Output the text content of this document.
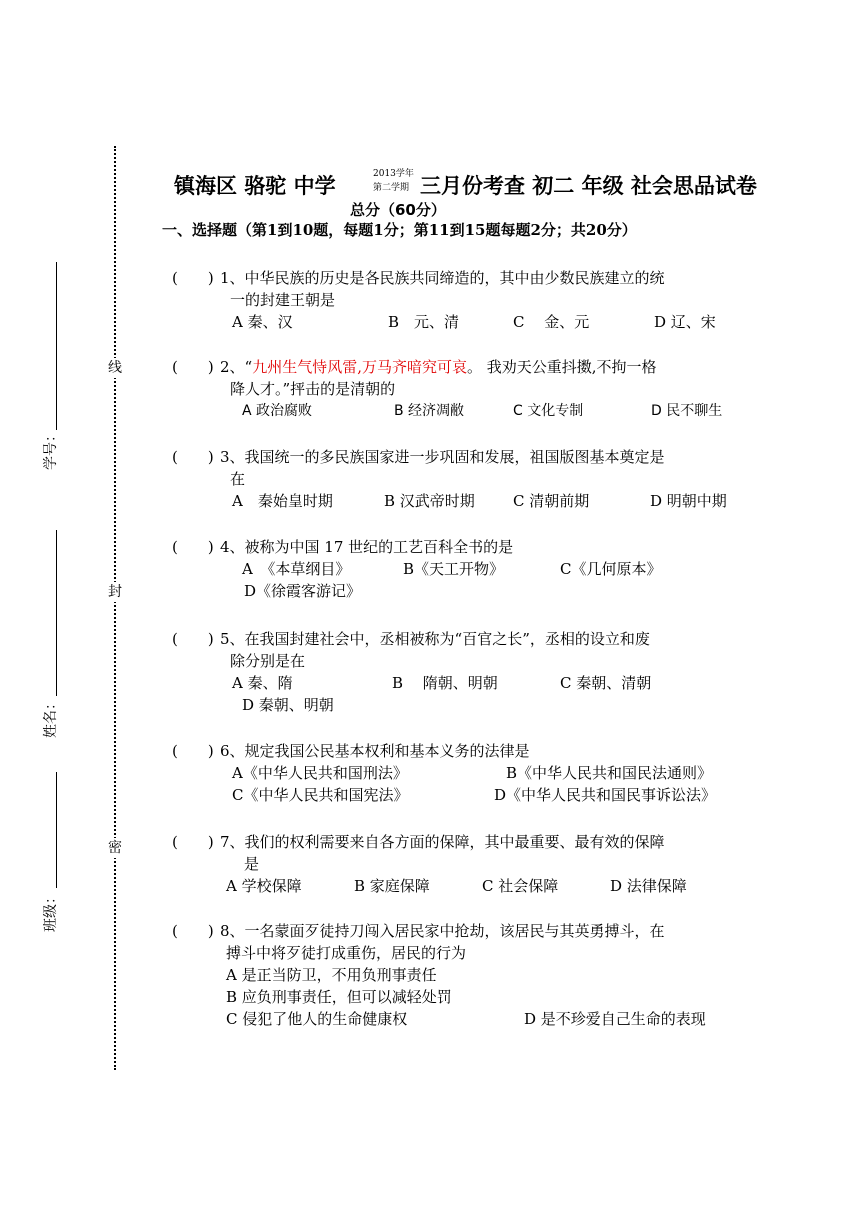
线
封
密
学号：
姓名：
班级：
镇海区 骆驼 中学	2013学年
第二学期 三月份考查 初二 年级 社会思品试卷
总分（60分）
一、选择题（第1到10题，每题1分；第11到15题每题2分；共20分）
(　　) 1、中华民族的历史是各民族共同缔造的，其中由少数民族建立的统
一的封建王朝是
A 秦、汉	B　元、清	C　 金、元	D 辽、宋
(　　) 2、“九州生气恃风雷,万马齐喑究可哀。 我劝天公重抖擞,不拘一格
降人才。”抨击的是清朝的
A 政治腐败	B 经济凋敝	C 文化专制	D 民不聊生
(　　) 3、我国统一的多民族国家进一步巩固和发展，祖国版图基本奠定是
在
A　秦始皇时期	B 汉武帝时期	C 清朝前期	D 明朝中期
(　　) 4、被称为中国 17 世纪的工艺百科全书的是
A　《本草纲目》	B《天工开物》	C《几何原本》
D《徐霞客游记》
(　　) 5、在我国封建社会中，丞相被称为“百官之长”，丞相的设立和废
除分别是在
A 秦、隋	B　 隋朝、明朝	C 秦朝、清朝
D 秦朝、明朝
(　　) 6、规定我国公民基本权利和基本义务的法律是
A《中华人民共和国刑法》	B《中华人民共和国民法通则》
C《中华人民共和国宪法》	D《中华人民共和国民事诉讼法》
(　　) 7、我们的权利需要来自各方面的保障，其中最重要、最有效的保障
是
A 学校保障	B 家庭保障	C 社会保障	D 法律保障
(　　) 8、一名蒙面歹徒持刀闯入居民家中抢劫，该居民与其英勇搏斗，在
搏斗中将歹徒打成重伤，居民的行为
A 是正当防卫，不用负刑事责任
B 应负刑事责任，但可以减轻处罚
C 侵犯了他人的生命健康权	D 是不珍爱自己生命的表现
